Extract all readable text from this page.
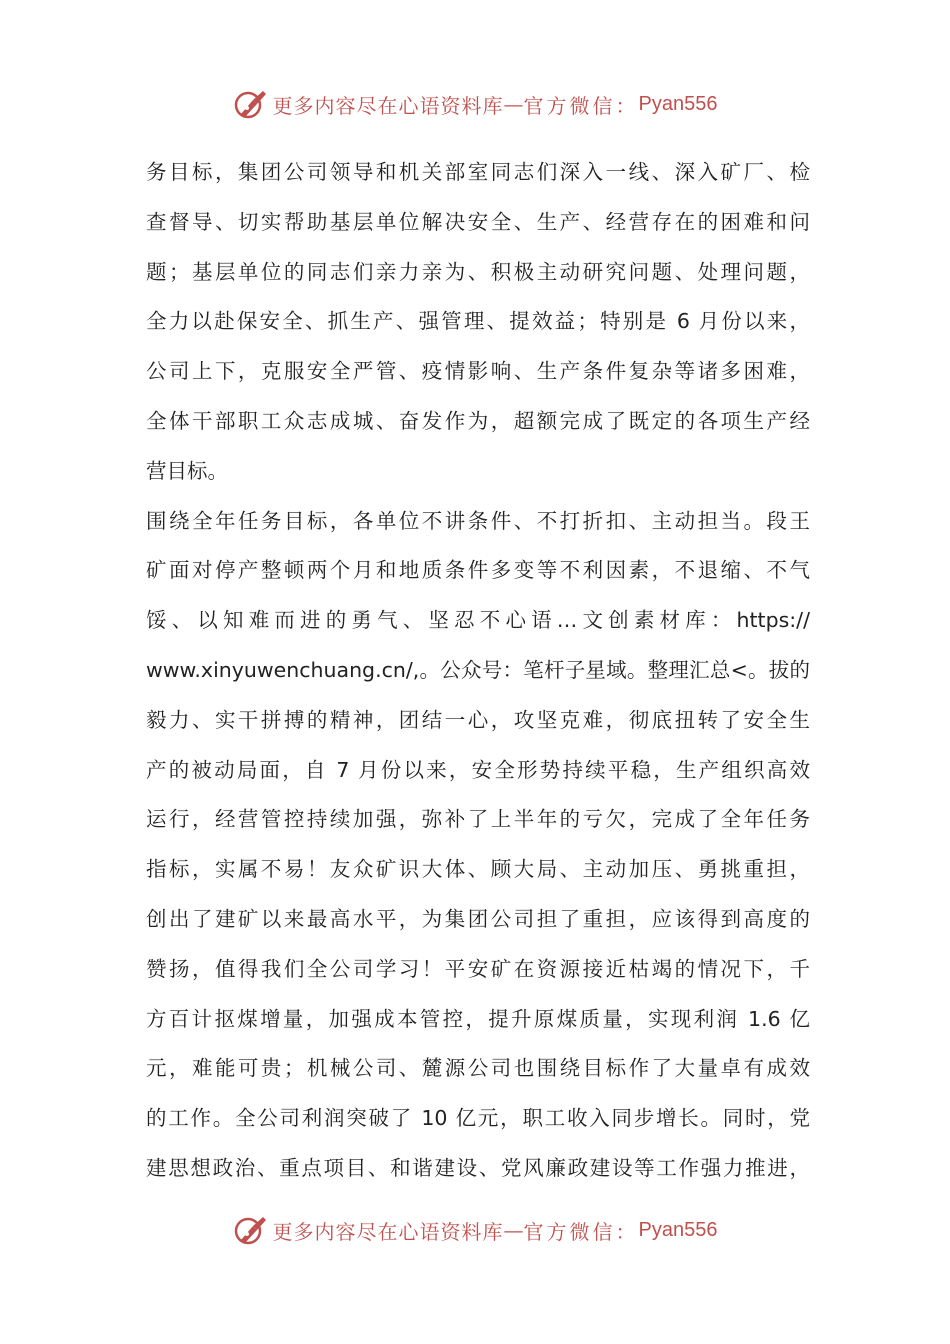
更多内容尽在心语资料库 — 官方微信： Pyan556
务目标，集团公司领导和机关部室同志们深入一线、深入矿厂、检
查督导、切实帮助基层单位解决安全、生产、经营存在的困难和问
题；基层单位的同志们亲力亲为、积极主动研究问题、处理问题，
全力以赴保安全、抓生产、强管理、提效益；特别是 6 月份以来，
公司上下，克服安全严管、疫情影响、生产条件复杂等诸多困难，
全体干部职工众志成城、奋发作为，超额完成了既定的各项生产经
营目标。
围绕全年任务目标，各单位不讲条件、不打折扣、主动担当。段王
矿面对停产整顿两个月和地质条件多变等不利因素，不退缩、不气
馁、以知难而进的勇气、坚忍不心语…文创素材库：https://
www.xinyuwenchuang.cn/,。公众号：笔杆子星域。整理汇总<。拔的
毅力、实干拼搏的精神，团结一心，攻坚克难，彻底扭转了安全生
产的被动局面，自 7 月份以来，安全形势持续平稳，生产组织高效
运行，经营管控持续加强，弥补了上半年的亏欠，完成了全年任务
指标，实属不易！友众矿识大体、顾大局、主动加压、勇挑重担，
创出了建矿以来最高水平，为集团公司担了重担，应该得到高度的
赞扬，值得我们全公司学习！平安矿在资源接近枯竭的情况下，千
方百计抠煤增量，加强成本管控，提升原煤质量，实现利润 1.6 亿
元，难能可贵；机械公司、麓源公司也围绕目标作了大量卓有成效
的工作。全公司利润突破了 10 亿元，职工收入同步增长。同时，党
建思想政治、重点项目、和谐建设、党风廉政建设等工作强力推进，
更多内容尽在心语资料库 — 官方微信： Pyan556
